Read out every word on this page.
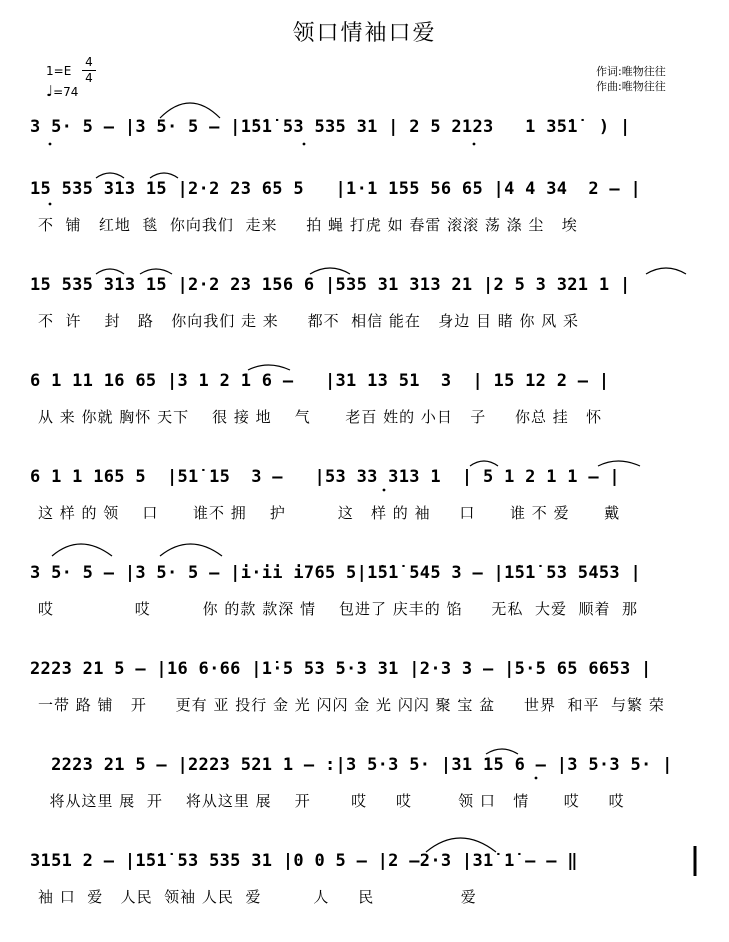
领口情袖口爱
1=E
4
4
♩=74
作词:唯物往往
作曲:唯物往往
3 5· 5 – |3 5· 5 – |1̇5̇1̇ 53 535 31 | 2 5 2123   1 35̇1̇  ) |
15 535 313 15 |2·2 23 65 5   |1·1 155 56 65 |4 4 34  2 – |
不  铺   红地  毯  你向我们  走来     拍 蝇 打虎 如 春雷 滚滚 荡 涤 尘   埃
15 535 313 15 |2·2 23 156 6 |535 31 313 21 |2 5 3 321 1 |
不  许    封   路   你向我们 走 来     都不  相信 能在   身边 目 睹 你 风 采
6 1 11 16 65 |3 1 2 1 6 –   |31 13 51  3  | 15 12 2 – |
从 来 你就 胸怀 天下    很 接 地    气      老百 姓的 小日   子     你总 挂   怀
6 1 1 165 5  |51̇ 15  3 –   |53 33 313 1  | 5 1 2 1 1 – |
这 样 的 领    口      谁不 拥    护         这   样 的 袖     口      谁 不 爱      戴
3 5· 5 – |3 5· 5 – |i·ii i765 5|1̇5̇1̇ 545 3 – |1̇5̇1̇ 53 5453 |
哎              哎         你 的款 款深 情    包进了 庆丰的 馅     无私  大爱  顺着  那
2223 21 5 – |16 6·66 |1̇·5 53 5·3 31 |2·3 3 – |5·5 65 6653 |
一带 路 铺   开     更有 亚 投行 金 光 闪闪 金 光 闪闪 聚 宝 盆     世界  和平  与繁 荣
2223 21 5 – |2223 521 1 – :|3 5·3 5· |31 15 6 – |3 5·3 5· |
将从这里 展  开    将从这里 展    开       哎     哎        领 口   情      哎     哎
3151 2 – |1̇5̇1̇ 53 535 31 |0 0 5 – |2 –2·3 |31̇ 1̇ – – ‖
袖 口  爱   人民  领袖 人民  爱         人     民               爱
